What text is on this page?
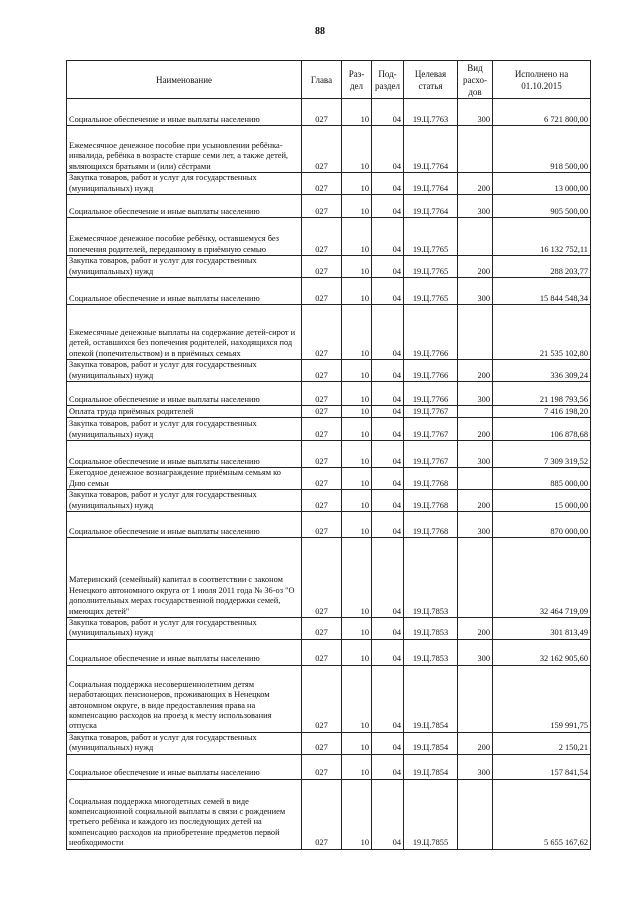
88
Наименование	Глава	Раз-дел	Под-раздел	Целевая статья	Вид расхо-дов	Исполнено на 01.10.2015
Социальное обеспечение и иные выплаты населению	027	10	04	19.Ц.7763	300	6 721 800,00
Ежемесячное денежное пособие при усыновлении ребёнка-инвалида, ребёнка в возрасте старше семи лет, а также детей, являющихся братьями и (или) сёстрами	027	10	04	19.Ц.7764		918 500,00
Закупка товаров, работ и услуг для государственных (муниципальных) нужд	027	10	04	19.Ц.7764	200	13 000,00
Социальное обеспечение и иные выплаты населению	027	10	04	19.Ц.7764	300	905 500,00
Ежемесячное денежное пособие ребёнку, оставшемуся без попечения родителей, переданному в приёмную семью	027	10	04	19.Ц.7765		16 132 752,11
Закупка товаров, работ и услуг для государственных (муниципальных) нужд	027	10	04	19.Ц.7765	200	288 203,77
Социальное обеспечение и иные выплаты населению	027	10	04	19.Ц.7765	300	15 844 548,34
Ежемесячные денежные выплаты на содержание детей-сирот и детей, оставшихся без попечения родителей, находящихся под опекой (попечительством) и в приёмных семьях	027	10	04	19.Ц.7766		21 535 102,80
Закупка товаров, работ и услуг для государственных (муниципальных) нужд	027	10	04	19.Ц.7766	200	336 309,24
Социальное обеспечение и иные выплаты населению	027	10	04	19.Ц.7766	300	21 198 793,56
Оплата труда приёмных родителей	027	10	04	19.Ц.7767		7 416 198,20
Закупка товаров, работ и услуг для государственных (муниципальных) нужд	027	10	04	19.Ц.7767	200	106 878,68
Социальное обеспечение и иные выплаты населению	027	10	04	19.Ц.7767	300	7 309 319,52
Ежегодное денежное вознаграждение приёмным семьям ко Дню семьи	027	10	04	19.Ц.7768		885 000,00
Закупка товаров, работ и услуг для государственных (муниципальных) нужд	027	10	04	19.Ц.7768	200	15 000,00
Социальное обеспечение и иные выплаты населению	027	10	04	19.Ц.7768	300	870 000,00
Материнский (семейный) капитал в соответствии с законом Ненецкого автономного округа от 1 июля 2011 года № 36-оз "О дополнительных мерах государственной поддержки семей, имеющих детей"	027	10	04	19.Ц.7853		32 464 719,09
Закупка товаров, работ и услуг для государственных (муниципальных) нужд	027	10	04	19.Ц.7853	200	301 813,49
Социальное обеспечение и иные выплаты населению	027	10	04	19.Ц.7853	300	32 162 905,60
Социальная поддержка несовершеннолетним детям неработающих пенсионеров, проживающих в Ненецком автономном округе, в виде предоставления права на компенсацию расходов на проезд к месту использования отпуска	027	10	04	19.Ц.7854		159 991,75
Закупка товаров, работ и услуг для государственных (муниципальных) нужд	027	10	04	19.Ц.7854	200	2 150,21
Социальное обеспечение и иные выплаты населению	027	10	04	19.Ц.7854	300	157 841,54
Социальная поддержка многодетных семей в виде компенсационной социальной выплаты в связи с рождением третьего ребёнка и каждого из последующих детей на компенсацию расходов на приобретение предметов первой необходимости	027	10	04	19.Ц.7855		5 655 167,62
